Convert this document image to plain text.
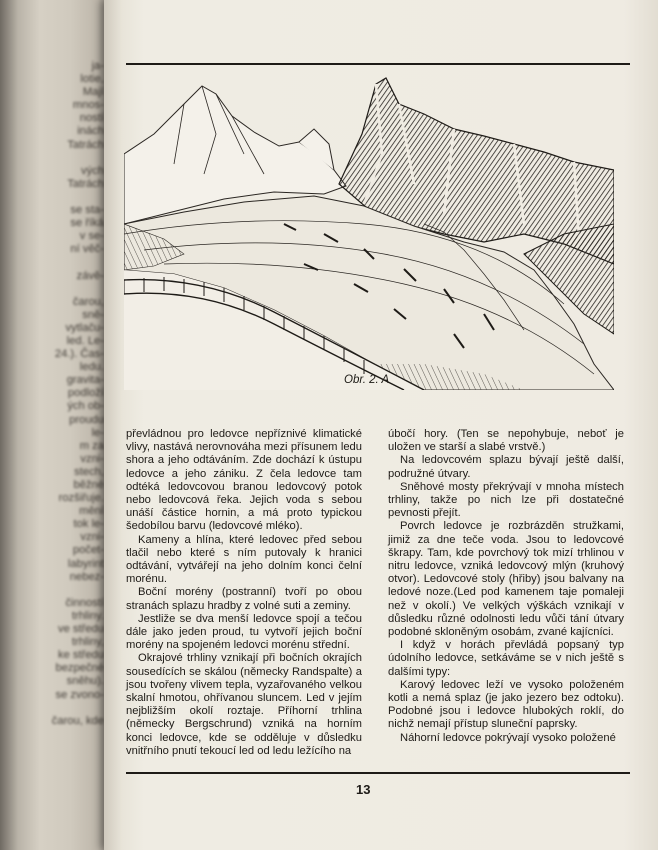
ja-
lotie,
Mají
mnos-
ností
inách
Tatrách

vých
Tatrách

se sta-
se říká
v se-
ní věč-

závě-

čarou,
sně-
vytlaču-
led. Le-
24.). Čas-
ledu.
gravita-
podloží
ých ob-
proudu
le-
m za
vzni-
stech,
běžné
rozšiřuje.
mění
tok le-
vzni-
počet-
labyrint
nebez-

činností
trhliny.
ve středu
trhliny,
ke středu
bezpečné
sněhu).
se zvono-

čarou, kde
Obr. 2. A

převládnou pro ledovce nepříznivé klimatické vlivy, nastává nerovnováha mezi přísunem ledu shora a jeho odtáváním. Zde dochází k ústupu ledovce a jeho zániku. Z čela ledovce tam odtéká ledovcovou branou ledovcový potok nebo ledovcová řeka. Jejich voda s sebou unáší částice hornin, a má proto typickou šedobílou barvu (ledovcové mléko).

Kameny a hlína, které ledovec před sebou tlačil nebo které s ním putovaly k hranici odtávání, vytvářejí na jeho dolním konci čelní morénu.

Boční morény (postranní) tvoří po obou stranách splazu hradby z volné suti a zeminy.

Jestliže se dva menší ledovce spojí a tečou dále jako jeden proud, tu vytvoří jejich boční morény na spojeném ledovci morénu střední.

Okrajové trhliny vznikají při bočních okrajích sousedících se skálou (německy Randspalte) a jsou tvořeny vlivem tepla, vyzařovaného velkou skalní hmotou, ohřívanou sluncem. Led v jejím nejbližším okolí roztaje. Příhorní trhlina (německy Bergschrund) vzniká na horním konci ledovce, kde se odděluje v důsledku vnitřního pnutí tekoucí led od ledu ležícího na

úbočí hory. (Ten se nepohybuje, neboť je uložen ve starší a slabé vrstvě.)

Na ledovcovém splazu bývají ještě další, podružné útvary.

Sněhové mosty překrývají v mnoha místech trhliny, takže po nich lze při dostatečné pevnosti přejít.

Povrch ledovce je rozbrázděn stružkami, jimiž za dne teče voda. Jsou to ledovcové škrapy. Tam, kde povrchový tok mizí trhlinou v nitru ledovce, vzniká ledovcový mlýn (kruhový otvor). Ledovcové stoly (hřiby) jsou balvany na ledové noze.(Led pod kamenem taje pomaleji než v okolí.) Ve velkých výškách vznikají v důsledku různé odolnosti ledu vůči tání útvary podobné skloněným osobám, zvané kajícníci.

I když v horách převládá popsaný typ údolního ledovce, setkáváme se v nich ještě s dalšími typy:

Karový ledovec leží ve vysoko položeném kotli a nemá splaz (je jako jezero bez odtoku). Podobné jsou i ledovce hlubokých roklí, do nichž nemají přístup sluneční paprsky.

Náhorní ledovce pokrývají vysoko položené

13
